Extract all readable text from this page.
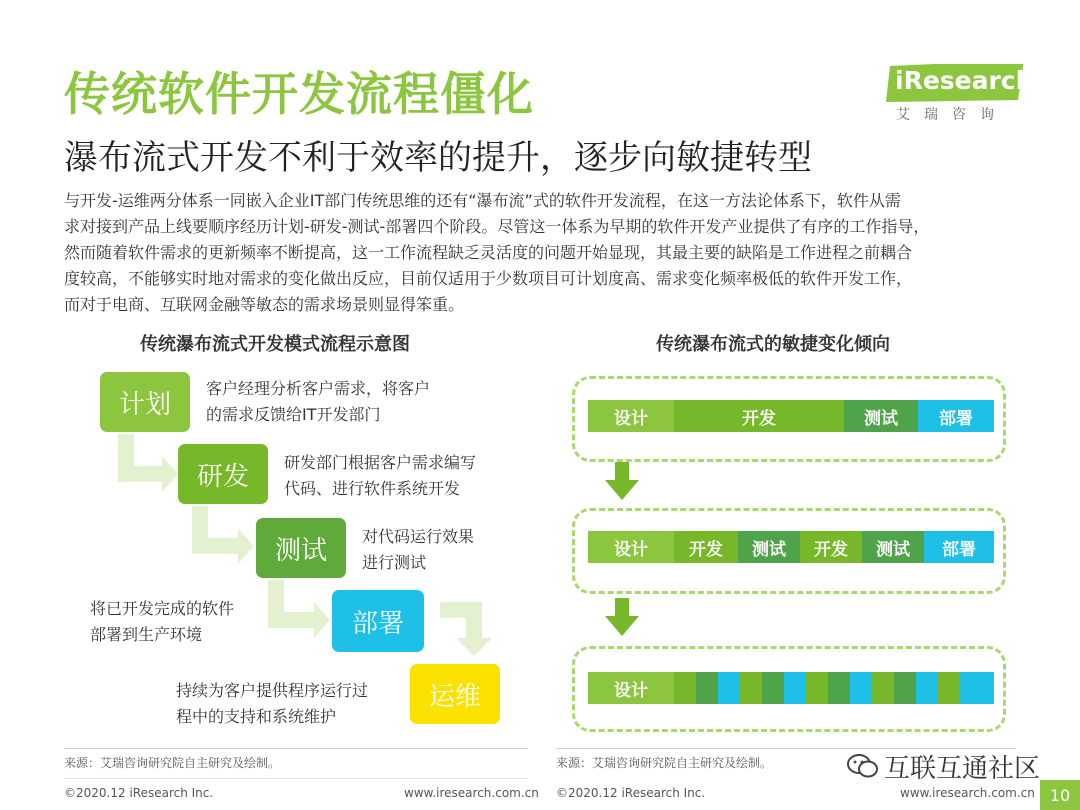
传统软件开发流程僵化
瀑布流式开发不利于效率的提升，逐步向敏捷转型
与开发-运维两分体系一同嵌入企业IT部门传统思维的还有“瀑布流”式的软件开发流程，在这一方法论体系下，软件从需
求对接到产品上线要顺序经历计划-研发-测试-部署四个阶段。尽管这一体系为早期的软件开发产业提供了有序的工作指导，
然而随着软件需求的更新频率不断提高，这一工作流程缺乏灵活度的问题开始显现，其最主要的缺陷是工作进程之前耦合
度较高，不能够实时地对需求的变化做出反应，目前仅适用于少数项目可计划度高、需求变化频率极低的软件开发工作，
而对于电商、互联网金融等敏态的需求场景则显得笨重。
iResearch
艾瑞咨询
传统瀑布流式开发模式流程示意图	传统瀑布流式的敏捷变化倾向
计划
客户经理分析客户需求，将客户
的需求反馈给IT开发部门
研发 研发部门根据客户需求编写
代码、进行软件系统开发
测试 对代码运行效果
进行测试
部署
将已开发完成的软件
部署到生产环境
运维
持续为客户提供程序运行过
程中的支持和系统维护
设计	开发	测试	部署
设计	开发	测试	开发	测试	部署
设计
来源：艾瑞咨询研究院自主研究及绘制。	来源：艾瑞咨询研究院自主研究及绘制。
©2020.12 iResearch Inc.	www.iresearch.com.cn ©2020.12 iResearch Inc.	www.iresearch.com.cn
互联互通社区
10
